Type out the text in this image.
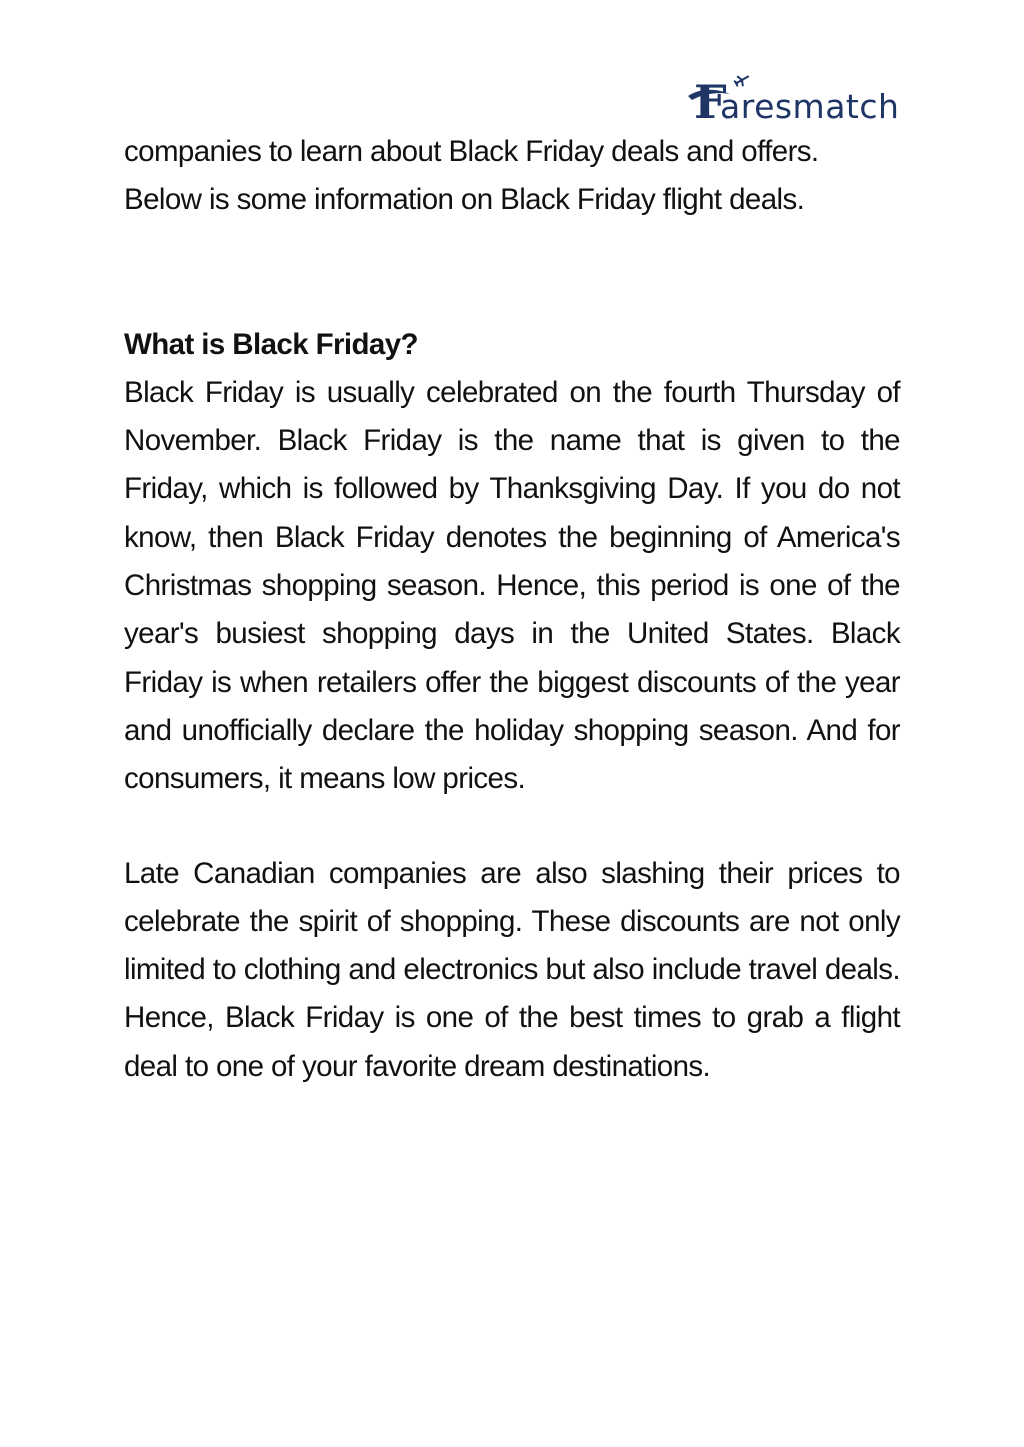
F
aresmatch

companies to learn about Black Friday deals and offers. Below is some information on Black Friday flight deals.

What is Black Friday?

Black Friday is usually celebrated on the fourth Thursday of November. Black Friday is the name that is given to the Friday, which is followed by Thanksgiving Day. If you do not know, then Black Friday denotes the beginning of America's Christmas shopping season. Hence, this period is one of the year's busiest shopping days in the United States. Black Friday is when retailers offer the biggest discounts of the year and unofficially declare the holiday shopping season. And for consumers, it means low prices.

Late Canadian companies are also slashing their prices to celebrate the spirit of shopping. These discounts are not only limited to clothing and electronics but also include travel deals. Hence, Black Friday is one of the best times to grab a flight deal to one of your favorite dream destinations.
